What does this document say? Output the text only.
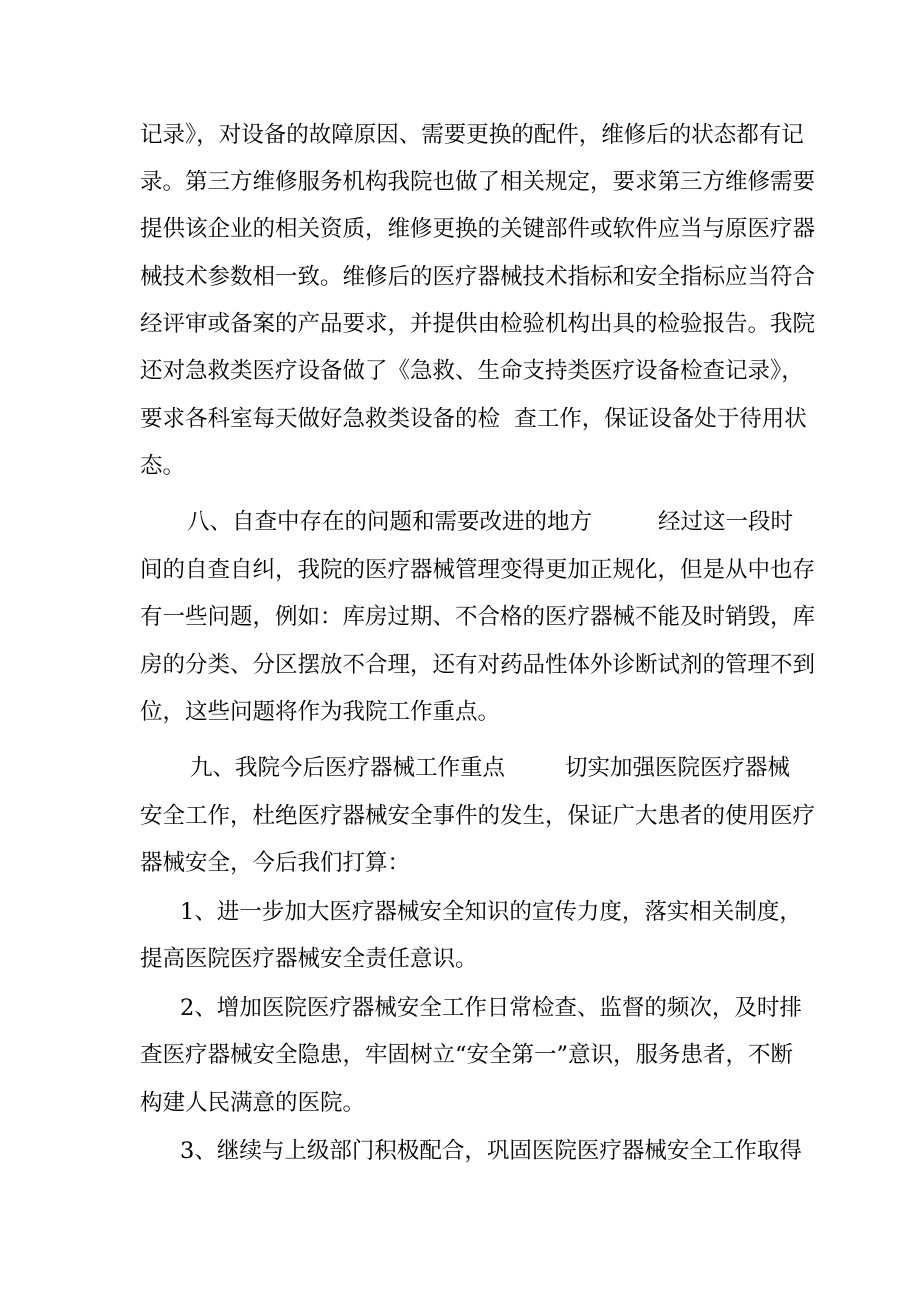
记录》，对设备的故障原因、需要更换的配件，维修后的状态都有记
录。第三方维修服务机构我院也做了相关规定，要求第三方维修需要
提供该企业的相关资质，维修更换的关键部件或软件应当与原医疗器
械技术参数相一致。维修后的医疗器械技术指标和安全指标应当符合
经评审或备案的产品要求，并提供由检验机构出具的检验报告。我院
还对急救类医疗设备做了《急救、生命支持类医疗设备检查记录》，
要求各科室每天做好急救类设备的检  查工作，保证设备处于待用状
态。
八、自查中存在的问题和需要改进的地方	经过这一段时
间的自查自纠，我院的医疗器械管理变得更加正规化，但是从中也存
有一些问题，例如：库房过期、不合格的医疗器械不能及时销毁，库
房的分类、分区摆放不合理，还有对药品性体外诊断试剂的管理不到
位，这些问题将作为我院工作重点。
九、我院今后医疗器械工作重点	切实加强医院医疗器械
安全工作，杜绝医疗器械安全事件的发生，保证广大患者的使用医疗
器械安全，今后我们打算：
1、进一步加大医疗器械安全知识的宣传力度，落实相关制度，
提高医院医疗器械安全责任意识。
2、增加医院医疗器械安全工作日常检查、监督的频次，及时排
查医疗器械安全隐患，牢固树立“安全第一”意识，服务患者，不断
构建人民满意的医院。
3、继续与上级部门积极配合，巩固医院医疗器械安全工作取得
